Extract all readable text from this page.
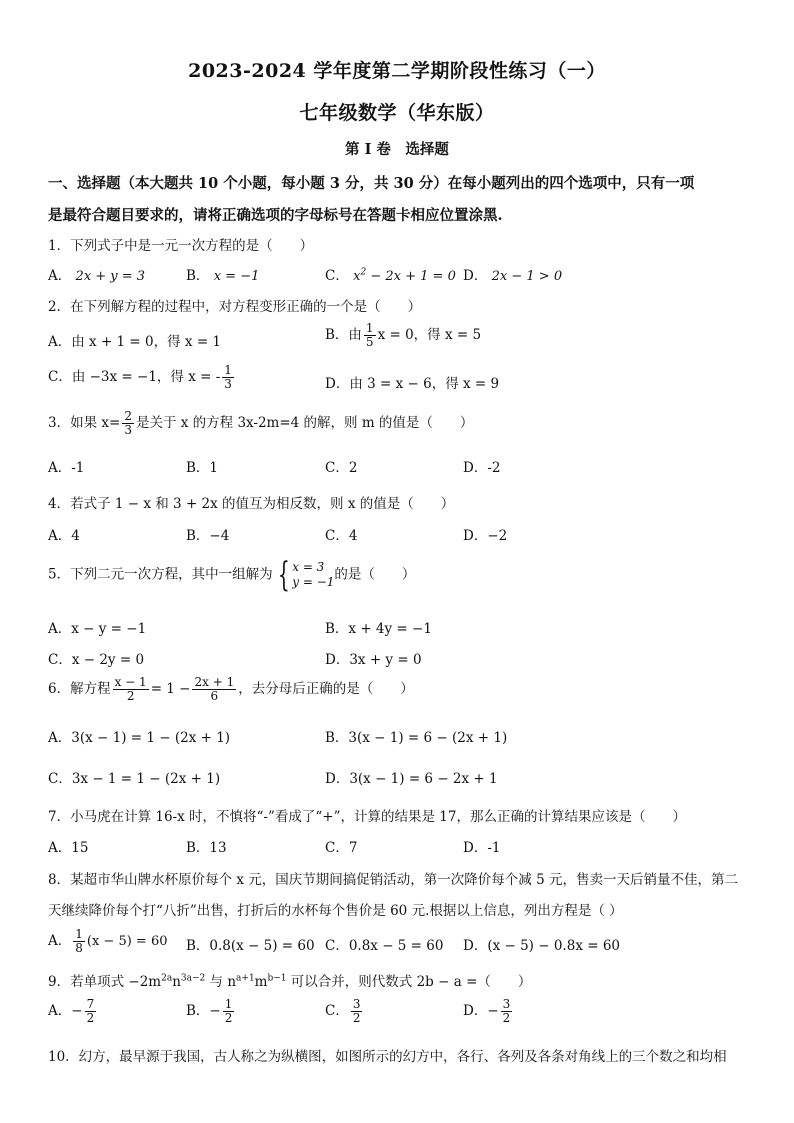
2023-2024 学年度第二学期阶段性练习（一）
七年级数学（华东版）
第 I 卷　选择题
一、选择题（本大题共 10 个小题，每小题 3 分，共 30 分）在每小题列出的四个选项中，只有一项
是最符合题目要求的，请将正确选项的字母标号在答题卡相应位置涂黑.
1．下列式子中是一元一次方程的是（　　）
A． 2x + y = 3	B． x = −1	C． $x^2 - 2x + 1 = 0$ D． 2x − 1 > 0
2．在下列解方程的过程中，对方程变形正确的一个是（　　）
A．由 x + 1 = 0，得 x = 1	B．由 $\frac{1}{5}$ x = 0，得 x = 5
C．由 −3x = −1，得 x = - $\frac{1}{3}$	D．由 3 = x − 6，得 x = 9
3．如果 $x= \frac{2}{3}$ 是关于 x 的方程 3x-2m=4 的解，则 m 的值是（　　）
A．-1	B．1	C．2	D．-2
4．若式子 1 − x 和 3 + 2x 的值互为相反数，则 x 的值是（　　）
A．4	B．−4	C．4	D．−2
5．下列二元一次方程，其中一组解为 { x = 3
y = −1 的是（　　）
A．x − y = −1	B．x + 4y = −1
C．x − 2y = 0	D．3x + y = 0
6．解方程 $\frac{x - 1}{2} = 1 - \frac{2x + 1}{6}$ ，去分母后正确的是（　　）
A．3(x − 1) = 1 − (2x + 1)	B．3(x − 1) = 6 − (2x + 1)
C．3x − 1 = 1 − (2x + 1)	D．3(x − 1) = 6 − 2x + 1
7．小马虎在计算 16-x 时，不慎将“-”看成了“+”，计算的结果是 17，那么正确的计算结果应该是（　　）
A．15	B．13	C．7	D．-1
8．某超市华山牌水杯原价每个 x 元，国庆节期间搞促销活动，第一次降价每个减 5 元，售卖一天后销量不佳，第二
天继续降价每个打“八折”出售，打折后的水杯每个售价是 60 元.根据以上信息，列出方程是（ ）
A． $\frac{1}{8} (x - 5) = 60$ B．0.8(x − 5) = 60 C．0.8x − 5 = 60 D．(x − 5) − 0.8x = 60
9．若单项式 $-2m^{2a}n^{3a-2}$ 与 $n^{a+1}m^{b-1}$ 可以合并，则代数式 2b − a =（　　）
A．− $\frac{7}{2}$	B．− $\frac{1}{2}$	C． $\frac{3}{2}$	D．− $\frac{3}{2}$
10．幻方，最早源于我国，古人称之为纵横图，如图所示的幻方中，各行、各列及各条对角线上的三个数之和均相
